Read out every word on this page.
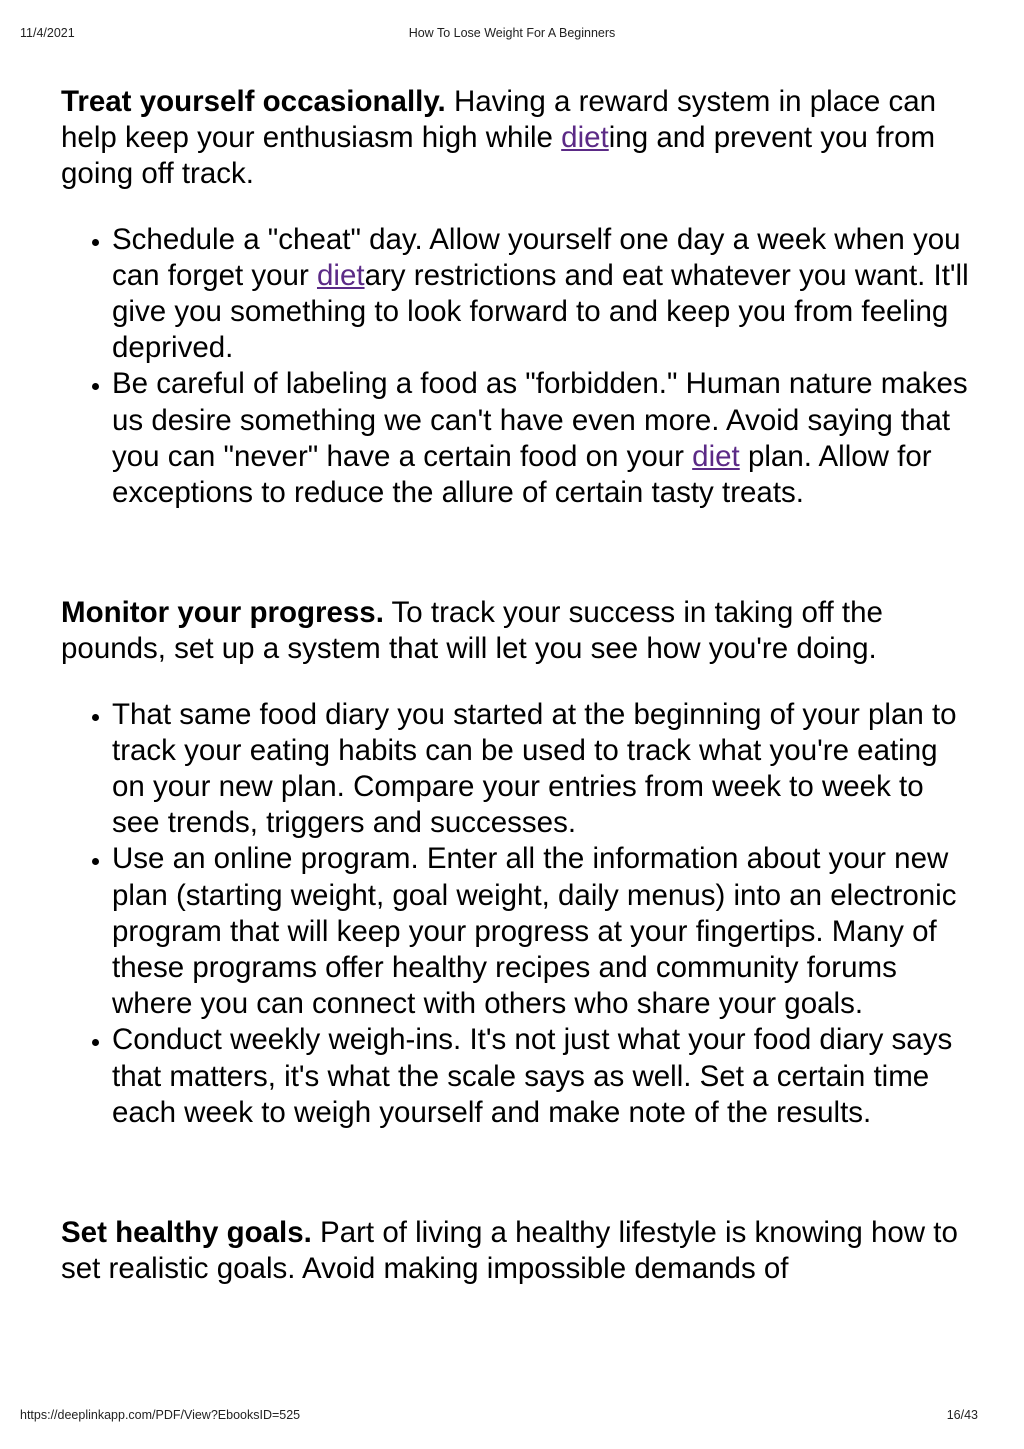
11/4/2021	How To Lose Weight For A Beginners

Treat yourself occasionally. Having a reward system in place can help keep your enthusiasm high while dieting and prevent you from going off track.

• Schedule a "cheat" day. Allow yourself one day a week when you can forget your dietary restrictions and eat whatever you want. It'll give you something to look forward to and keep you from feeling deprived.
• Be careful of labeling a food as "forbidden." Human nature makes us desire something we can't have even more. Avoid saying that you can "never" have a certain food on your diet plan. Allow for exceptions to reduce the allure of certain tasty treats.

Monitor your progress. To track your success in taking off the pounds, set up a system that will let you see how you're doing.

• That same food diary you started at the beginning of your plan to track your eating habits can be used to track what you're eating on your new plan. Compare your entries from week to week to see trends, triggers and successes.
• Use an online program. Enter all the information about your new plan (starting weight, goal weight, daily menus) into an electronic program that will keep your progress at your fingertips. Many of these programs offer healthy recipes and community forums where you can connect with others who share your goals.
• Conduct weekly weigh-ins. It's not just what your food diary says that matters, it's what the scale says as well. Set a certain time each week to weigh yourself and make note of the results.

Set healthy goals. Part of living a healthy lifestyle is knowing how to set realistic goals. Avoid making impossible demands of

https://deeplinkapp.com/PDF/View?EbooksID=525	16/43
